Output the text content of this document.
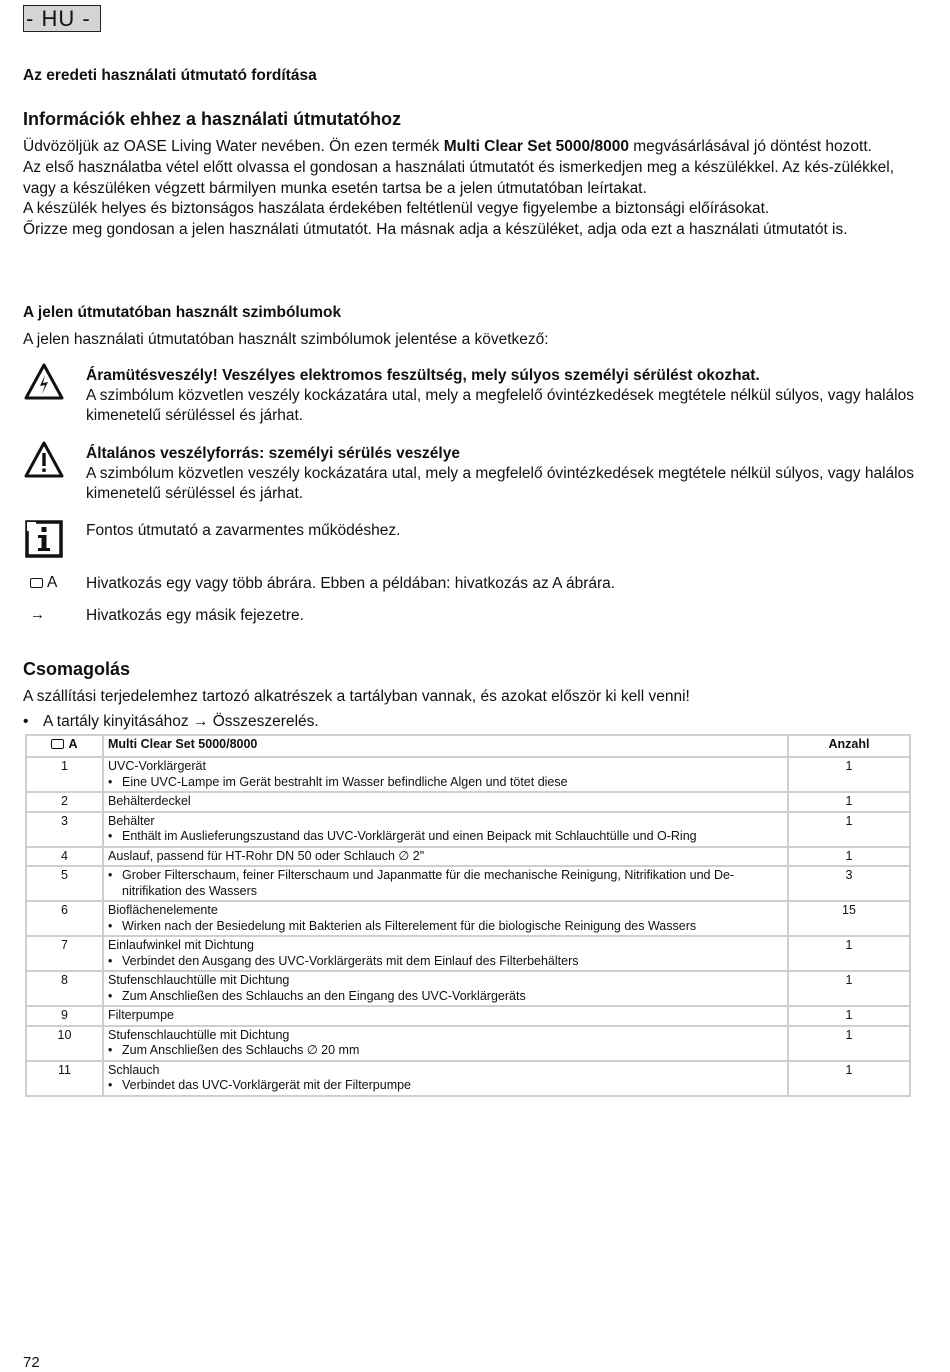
- HU -
Az eredeti használati útmutató fordítása
Információk ehhez a használati útmutatóhoz

Üdvözöljük az OASE Living Water nevében. Ön ezen termék Multi Clear Set 5000/8000 megvásárlásával jó döntést hozott.

Az első használatba vétel előtt olvassa el gondosan a használati útmutatót és ismerkedjen meg a készülékkel. Az kés-zülékkel, vagy a készüléken végzett bármilyen munka esetén tartsa be a jelen útmutatóban leírtakat.

A készülék helyes és biztonságos haszálata érdekében feltétlenül vegye figyelembe a biztonsági előírásokat.

Őrizze meg gondosan a jelen használati útmutatót. Ha másnak adja a készüléket, adja oda ezt a használati útmutatót is.

A jelen útmutatóban használt szimbólumok
A jelen használati útmutatóban használt szimbólumok jelentése a következő:

Áramütésveszély! Veszélyes elektromos feszültség, mely súlyos személyi sérülést okozhat.

A szimbólum közvetlen veszély kockázatára utal, mely a megfelelő óvintézkedések megtétele nélkül súlyos, vagy halálos kimenetelű sérüléssel és járhat.

Általános veszélyforrás: személyi sérülés veszélye

A szimbólum közvetlen veszély kockázatára utal, mely a megfelelő óvintézkedések megtétele nélkül súlyos, vagy halálos kimenetelű sérüléssel és járhat.

Fontos útmutató a zavarmentes működéshez.
A Hivatkozás egy vagy több ábrára. Ebben a példában: hivatkozás az A ábrára.
→	Hivatkozás egy másik fejezetre.
Csomagolás
A szállítási terjedelemhez tartozó alkatrészek a tartályban vannak, és azokat először ki kell venni!
• A tartály kinyitásához → Összeszerelés.
A	Multi Clear Set 5000/8000	Anzahl
1	UVC-Vorklärgerät
• Eine UVC-Lampe im Gerät bestrahlt im Wasser befindliche Algen und tötet diese	1
2	Behälterdeckel	1
3	Behälter
• Enthält im Auslieferungszustand das UVC-Vorklärgerät und einen Beipack mit Schlauchtülle und O-Ring	1
4	Auslauf, passend für HT-Rohr DN 50 oder Schlauch ∅ 2"	1
5	• Grober Filterschaum, feiner Filterschaum und Japanmatte für die mechanische Reinigung, Nitrifikation und De-nitrifikation des Wassers	3
6	Bioflächenelemente
• Wirken nach der Besiedelung mit Bakterien als Filterelement für die biologische Reinigung des Wassers	15
7	Einlaufwinkel mit Dichtung
• Verbindet den Ausgang des UVC-Vorklärgeräts mit dem Einlauf des Filterbehälters	1
8	Stufenschlauchtülle mit Dichtung
• Zum Anschließen des Schlauchs an den Eingang des UVC-Vorklärgeräts	1
9	Filterpumpe	1
10	Stufenschlauchtülle mit Dichtung
• Zum Anschließen des Schlauchs ∅ 20 mm	1
11	Schlauch
• Verbindet das UVC-Vorklärgerät mit der Filterpumpe	1
72
